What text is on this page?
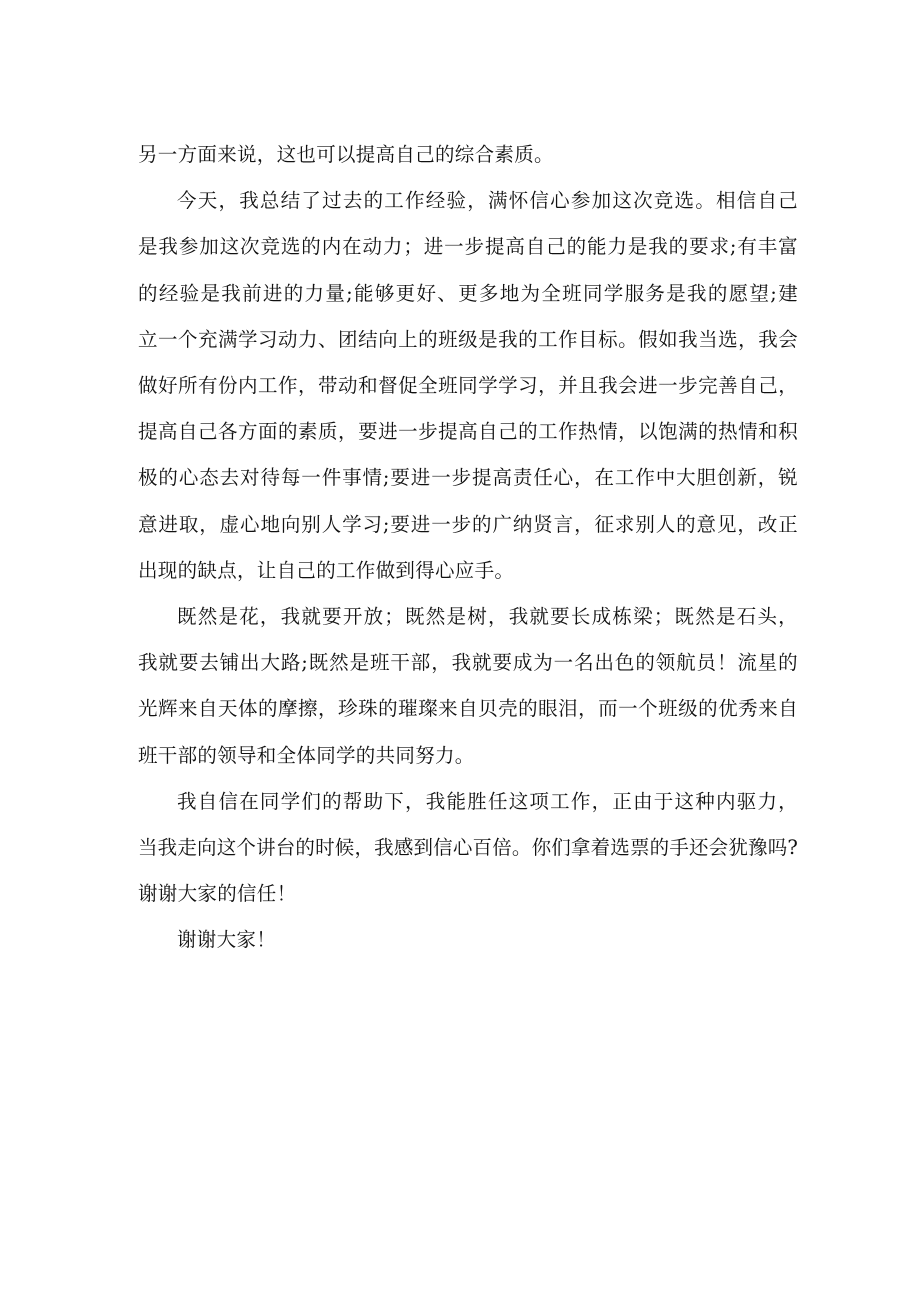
另一方面来说，这也可以提高自己的综合素质。
今天，我总结了过去的工作经验，满怀信心参加这次竞选。相信自己
是我参加这次竞选的内在动力；进一步提高自己的能力是我的要求;有丰富
的经验是我前进的力量;能够更好、更多地为全班同学服务是我的愿望;建
立一个充满学习动力、团结向上的班级是我的工作目标。假如我当选，我会
做好所有份内工作，带动和督促全班同学学习，并且我会进一步完善自己，
提高自己各方面的素质，要进一步提高自己的工作热情，以饱满的热情和积
极的心态去对待每一件事情;要进一步提高责任心，在工作中大胆创新，锐
意进取，虚心地向别人学习;要进一步的广纳贤言，征求别人的意见，改正
出现的缺点，让自己的工作做到得心应手。
既然是花，我就要开放；既然是树，我就要长成栋梁；既然是石头，
我就要去铺出大路;既然是班干部，我就要成为一名出色的领航员！流星的
光辉来自天体的摩擦，珍珠的璀璨来自贝壳的眼泪，而一个班级的优秀来自
班干部的领导和全体同学的共同努力。
我自信在同学们的帮助下，我能胜任这项工作，正由于这种内驱力，
当我走向这个讲台的时候，我感到信心百倍。你们拿着选票的手还会犹豫吗?
谢谢大家的信任！
谢谢大家！
